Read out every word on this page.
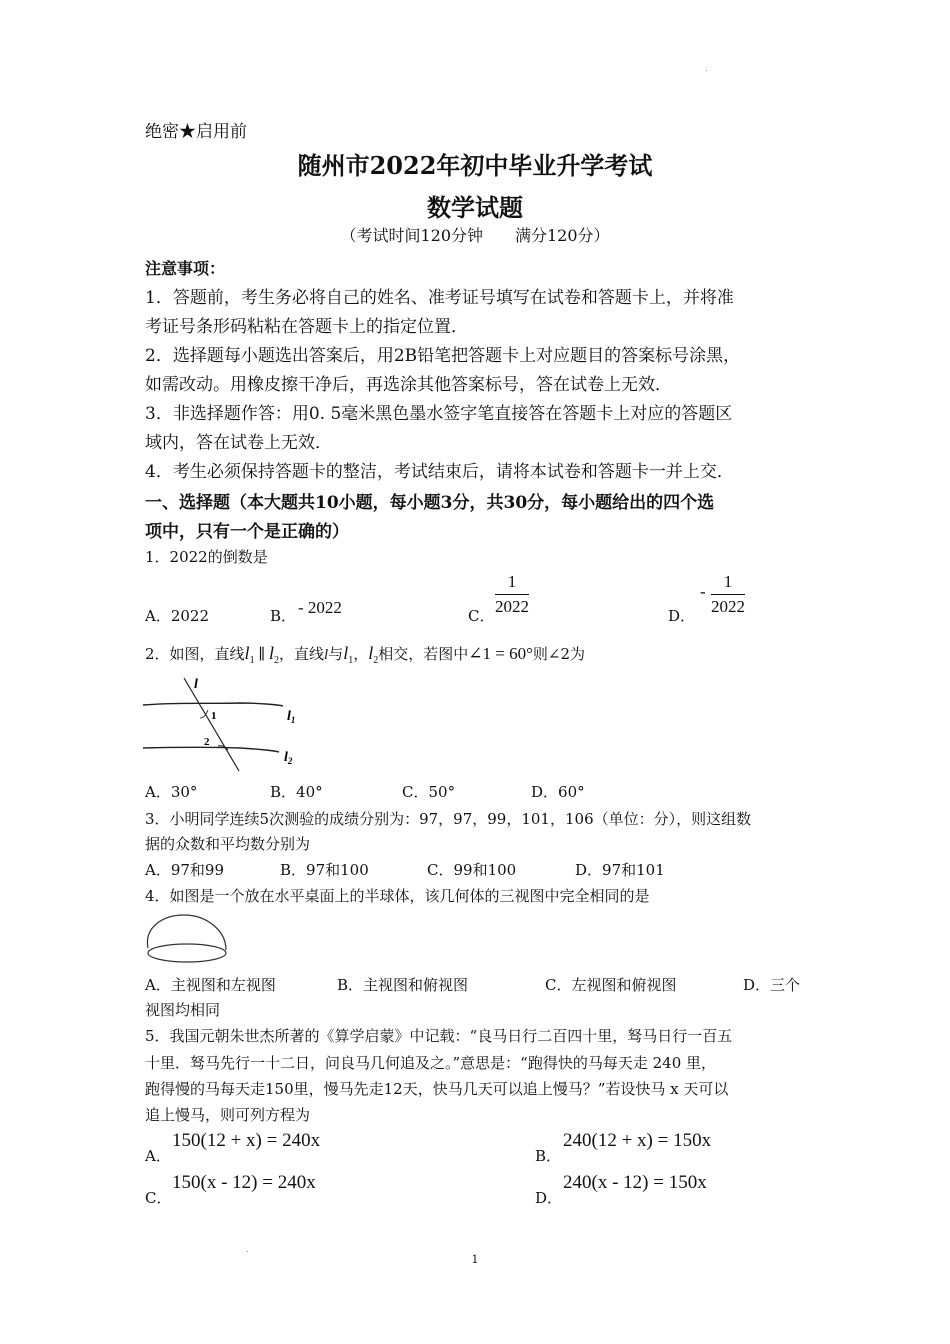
绝密★启用前
随州市2022年初中毕业升学考试
数学试题
（考试时间120分钟　　满分120分）
注意事项：
1．答题前，考生务必将自己的姓名、准考证号填写在试卷和答题卡上，并将准
考证号条形码粘粘在答题卡上的指定位置．
2．选择题每小题选出答案后，用2B铅笔把答题卡上对应题目的答案标号涂黑，
如需改动。用橡皮擦干净后，再选涂其他答案标号，答在试卷上无效．
3．非选择题作答：用0. 5毫米黑色墨水签字笔直接答在答题卡上对应的答题区
域内，答在试卷上无效．
4．考生必须保持答题卡的整洁，考试结束后，请将本试卷和答题卡一并上交．
一、选择题（本大题共10小题，每小题3分，共30分，每小题给出的四个选
项中，只有一个是正确的）
1．2022的倒数是
A．2022	B． - 2022	C． $\frac{1}{2022}$	D．
- $\frac{1}{2022}$
2．如图，直线$l_1$ ∥ $l_2$，直线l与$l_1$，$l_2$相交，若图中∠1 = 60°则∠2为
l
1
2
$l_1$
$l_2$
A．30°	B．40°	C．50°	D．60°
3．小明同学连续5次测验的成绩分别为：97，97，99，101，106（单位：分），则这组数
据的众数和平均数分别为
A．97和99	B．97和100	C．99和100	D．97和101
4．如图是一个放在水平桌面上的半球体，该几何体的三视图中完全相同的是
A．主视图和左视图	B．主视图和俯视图	C．左视图和俯视图	D．三个
视图均相同
5．我国元朝朱世杰所著的《算学启蒙》中记载：“良马日行二百四十里，驽马日行一百五
十里．驽马先行一十二日，问良马几何追及之。”意思是：“跑得快的马每天走 240 里，
跑得慢的马每天走150里，慢马先走12天，快马几天可以追上慢马？”若设快马 x 天可以
追上慢马，则可列方程为
A．
150(12 + x) = 240x
B．
240(12 + x) = 150x
C．
150(x - 12) = 240x
D．
240(x - 12) = 150x
1
